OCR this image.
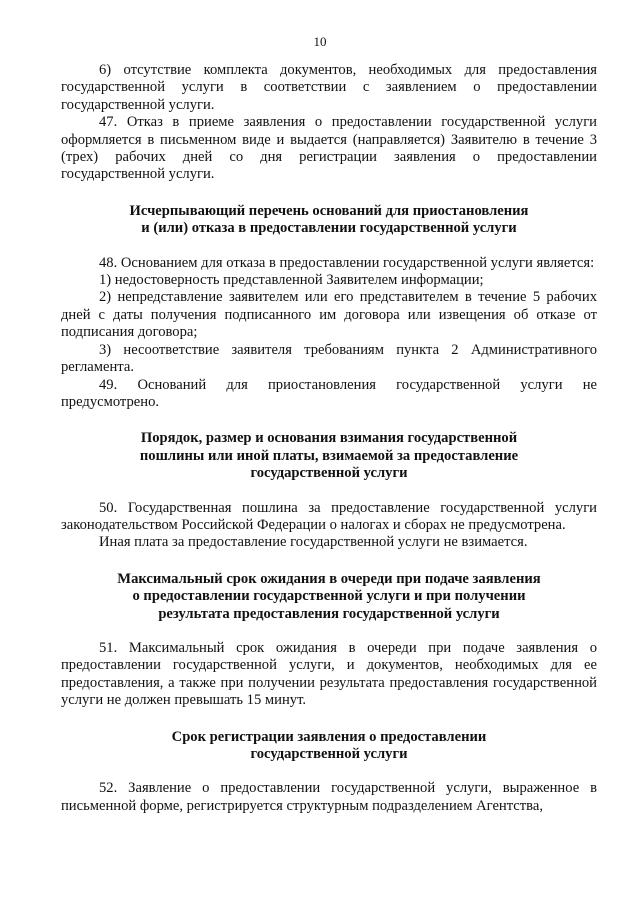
10

6) отсутствие комплекта документов, необходимых для предоставления государственной услуги в соответствии с заявлением о предоставлении государственной услуги.

47. Отказ в приеме заявления о предоставлении государственной услуги оформляется в письменном виде и выдается (направляется) Заявителю в течение 3 (трех) рабочих дней со дня регистрации заявления о предоставлении государственной услуги.

Исчерпывающий перечень оснований для приостановления
и (или) отказа в предоставлении государственной услуги

48. Основанием для отказа в предоставлении государственной услуги является:

1) недостоверность представленной Заявителем информации;

2) непредставление заявителем или его представителем в течение 5 рабочих дней с даты получения подписанного им договора или извещения об отказе от подписания договора;

3) несоответствие заявителя требованиям пункта 2 Административного регламента.

49. Оснований для приостановления государственной услуги не предусмотрено.

Порядок, размер и основания взимания государственной
пошлины или иной платы, взимаемой за предоставление
государственной услуги

50. Государственная пошлина за предоставление государственной услуги законодательством Российской Федерации о налогах и сборах не предусмотрена.

Иная плата за предоставление государственной услуги не взимается.

Максимальный срок ожидания в очереди при подаче заявления
о предоставлении государственной услуги и при получении
результата предоставления государственной услуги

51. Максимальный срок ожидания в очереди при подаче заявления о предоставлении государственной услуги, и документов, необходимых для ее предоставления, а также при получении результата предоставления государственной услуги не должен превышать 15 минут.

Срок регистрации заявления о предоставлении
государственной услуги

52. Заявление о предоставлении государственной услуги, выраженное в письменной форме, регистрируется структурным подразделением Агентства,
